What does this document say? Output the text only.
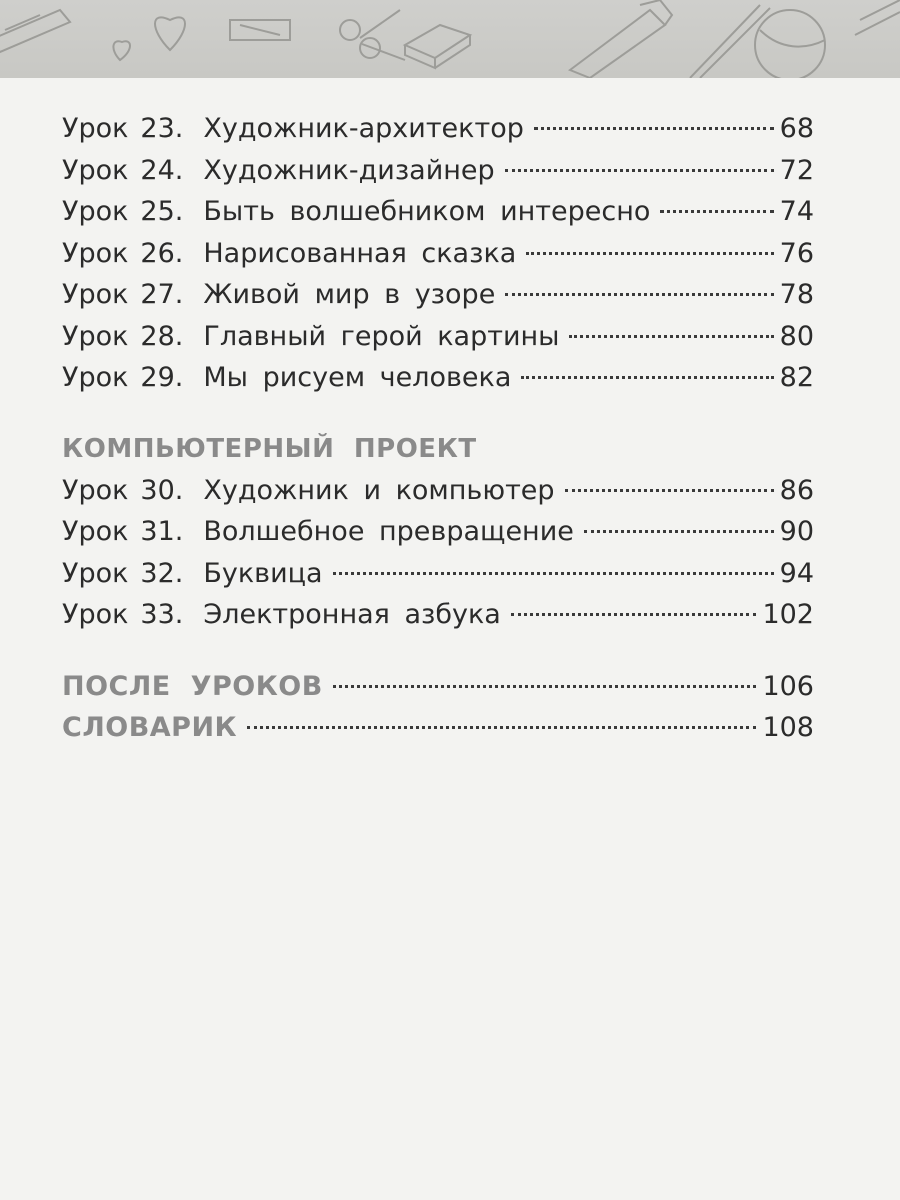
Урок 23. Художник-архитектор	68
Урок 24. Художник-дизайнер	72
Урок 25. Быть волшебником интересно	74
Урок 26. Нарисованная сказка	76
Урок 27. Живой мир в узоре	78
Урок 28. Главный герой картины	80
Урок 29. Мы рисуем человека	82
КОМПЬЮТЕРНЫЙ ПРОЕКТ
Урок 30. Художник и компьютер	86
Урок 31. Волшебное превращение	90
Урок 32. Буквица	94
Урок 33. Электронная азбука	102
ПОСЛЕ УРОКОВ	106
СЛОВАРИК	108
